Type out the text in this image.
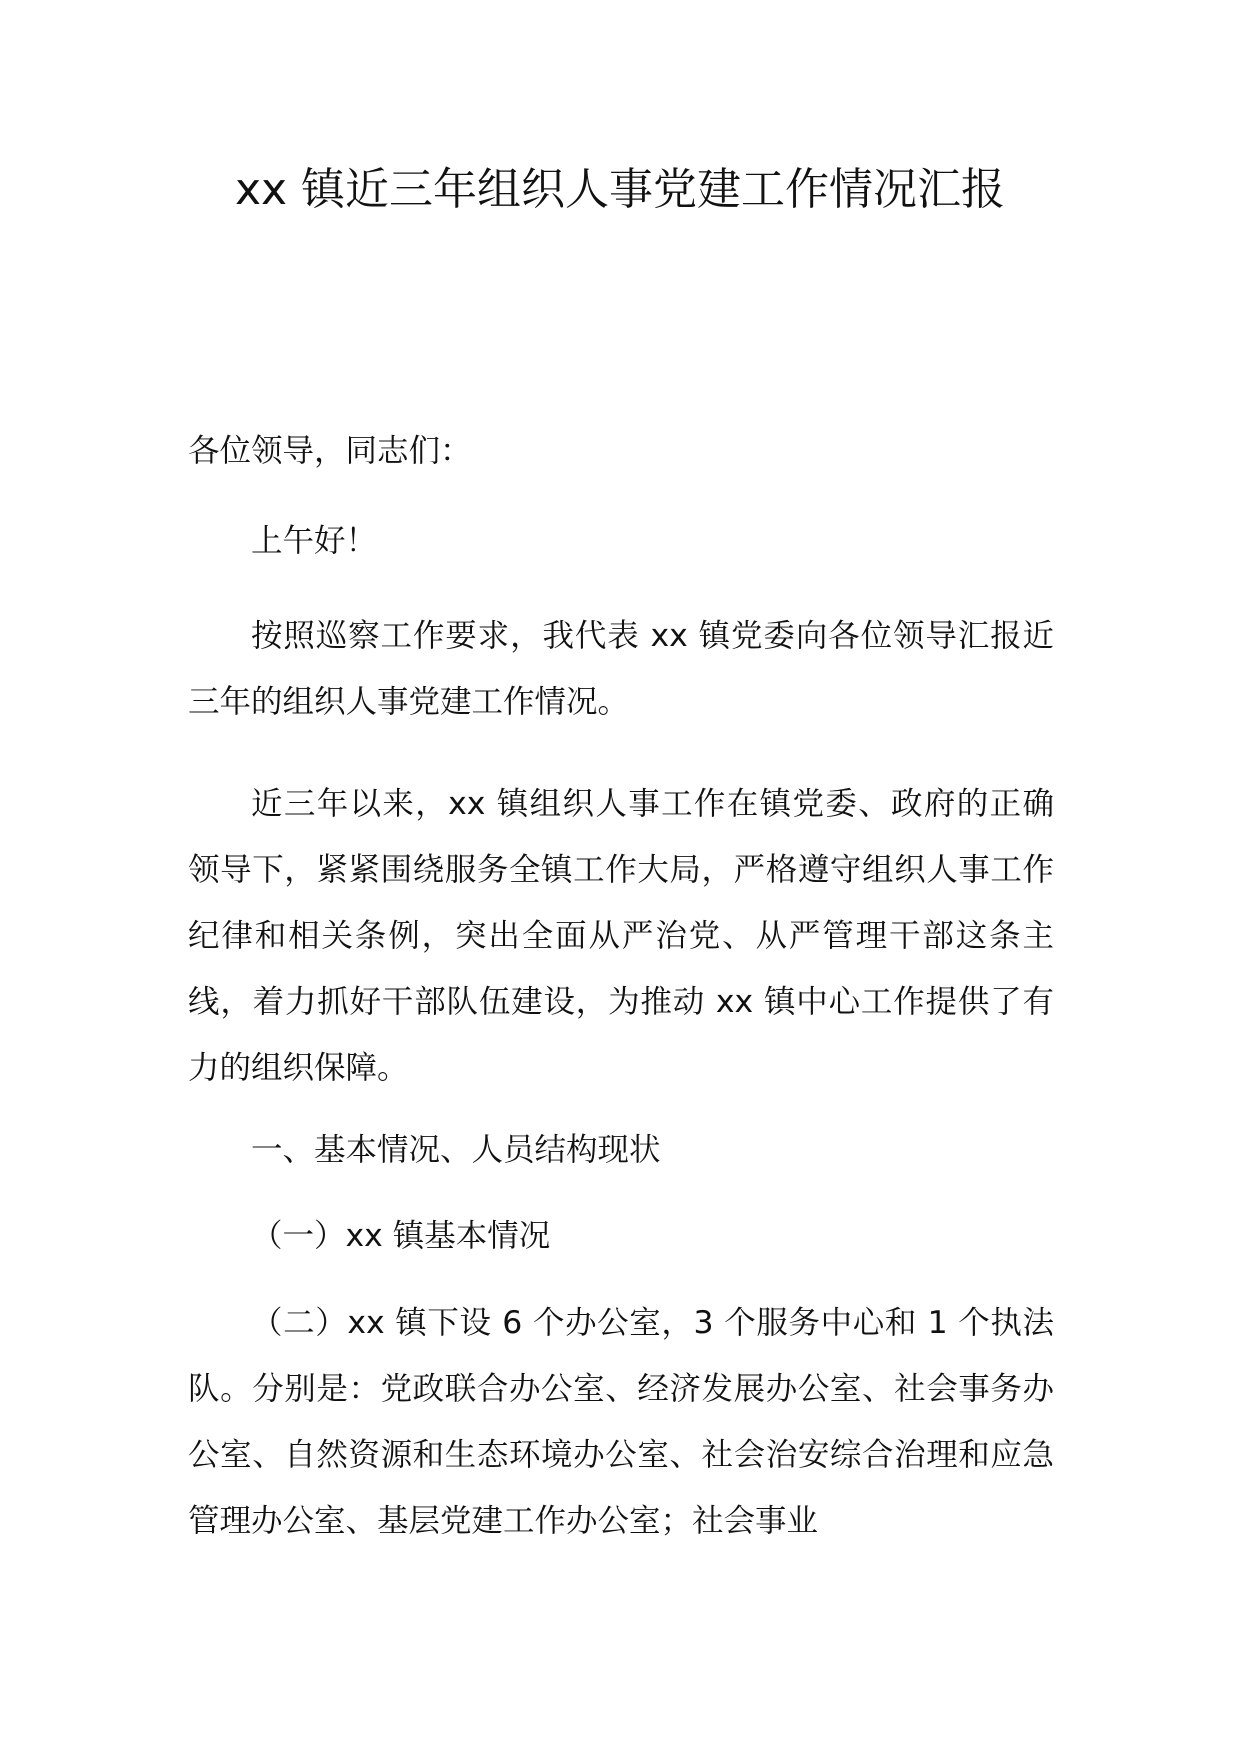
xx 镇近三年组织人事党建工作情况汇报

各位领导，同志们：

上午好！

按照巡察工作要求，我代表 xx 镇党委向各位领导汇报近三年的组织人事党建工作情况。

近三年以来，xx 镇组织人事工作在镇党委、政府的正确领导下，紧紧围绕服务全镇工作大局，严格遵守组织人事工作纪律和相关条例，突出全面从严治党、从严管理干部这条主线，着力抓好干部队伍建设，为推动 xx 镇中心工作提供了有力的组织保障。

一、基本情况、人员结构现状

（一）xx 镇基本情况

（二）xx 镇下设 6 个办公室，3 个服务中心和 1 个执法队。分别是：党政联合办公室、经济发展办公室、社会事务办公室、自然资源和生态环境办公室、社会治安综合治理和应急管理办公室、基层党建工作办公室；社会事业
